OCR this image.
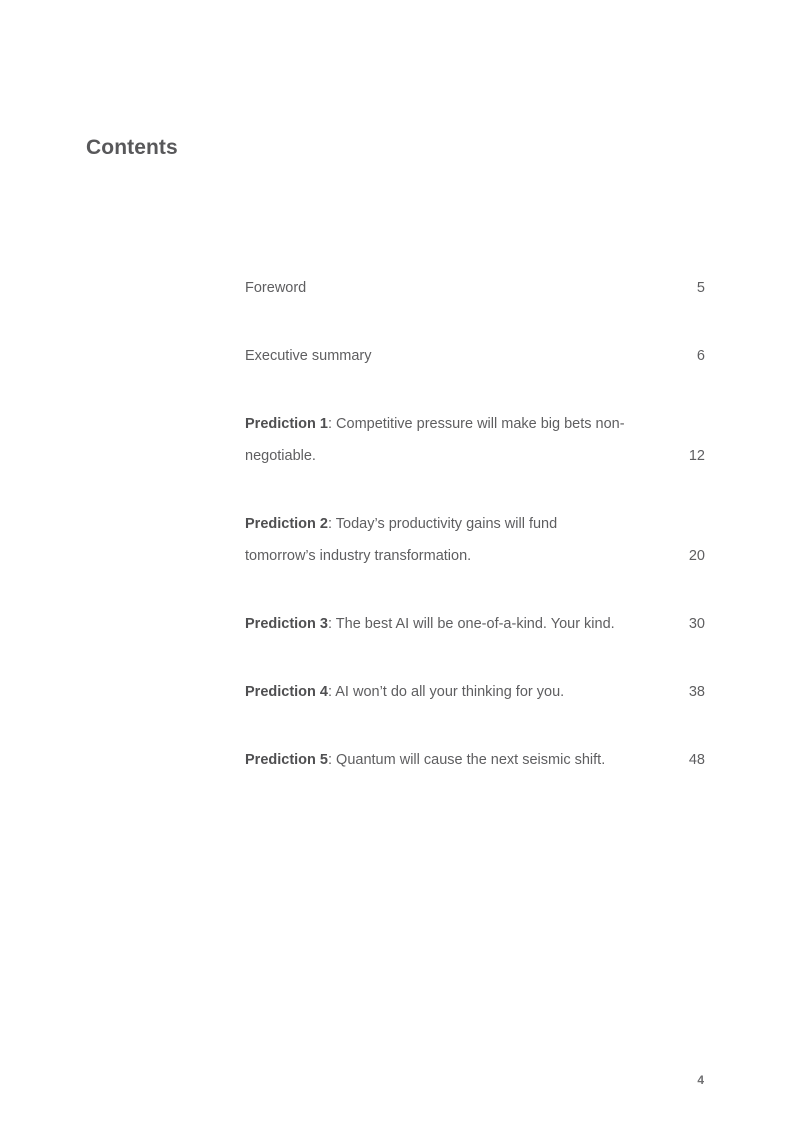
Contents
Foreword	5
Executive summary	6
Prediction 1: Competitive pressure will make big bets non-negotiable.	12
Prediction 2: Today’s productivity gains will fund tomorrow’s industry transformation.	20
Prediction 3: The best AI will be one-of-a-kind. Your kind.	30
Prediction 4: AI won’t do all your thinking for you.	38
Prediction 5: Quantum will cause the next seismic shift.	48
4
